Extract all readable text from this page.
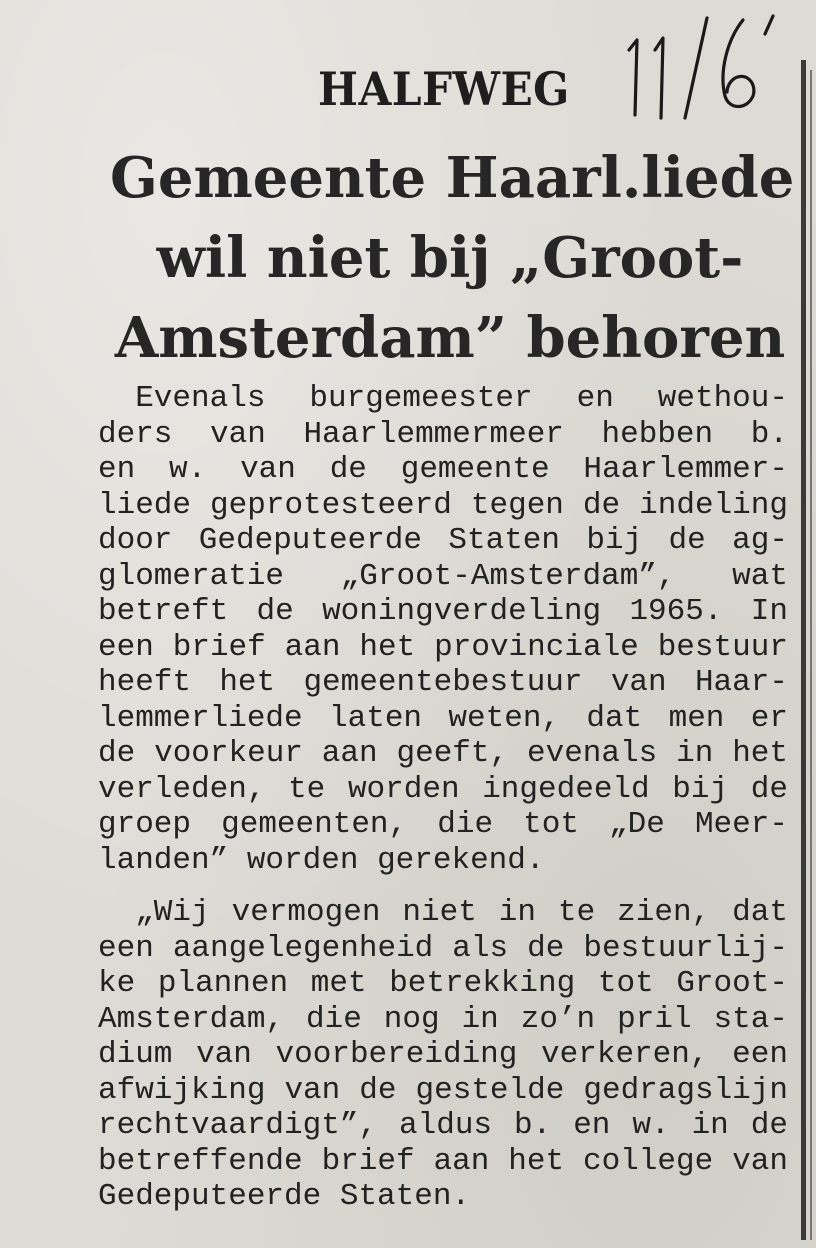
HALFWEG
Gemeente Haarl.liede
wil niet bij „Groot-
Amsterdam” behoren
Evenals burgemeester en wethou-
ders van Haarlemmermeer hebben b.
en w. van de gemeente Haarlemmer-
liede geprotesteerd tegen de indeling
door Gedeputeerde Staten bij de ag-
glomeratie „Groot-Amsterdam”, wat
betreft de woningverdeling 1965. In
een brief aan het provinciale bestuur
heeft het gemeentebestuur van Haar-
lemmerliede laten weten, dat men er
de voorkeur aan geeft, evenals in het
verleden, te worden ingedeeld bij de
groep gemeenten, die tot „De Meer-
landen” worden gerekend.
„Wij vermogen niet in te zien, dat
een aangelegenheid als de bestuurlij-
ke plannen met betrekking tot Groot-
Amsterdam, die nog in zo’n pril sta-
dium van voorbereiding verkeren, een
afwijking van de gestelde gedragslijn
rechtvaardigt”, aldus b. en w. in de
betreffende brief aan het college van
Gedeputeerde Staten.
